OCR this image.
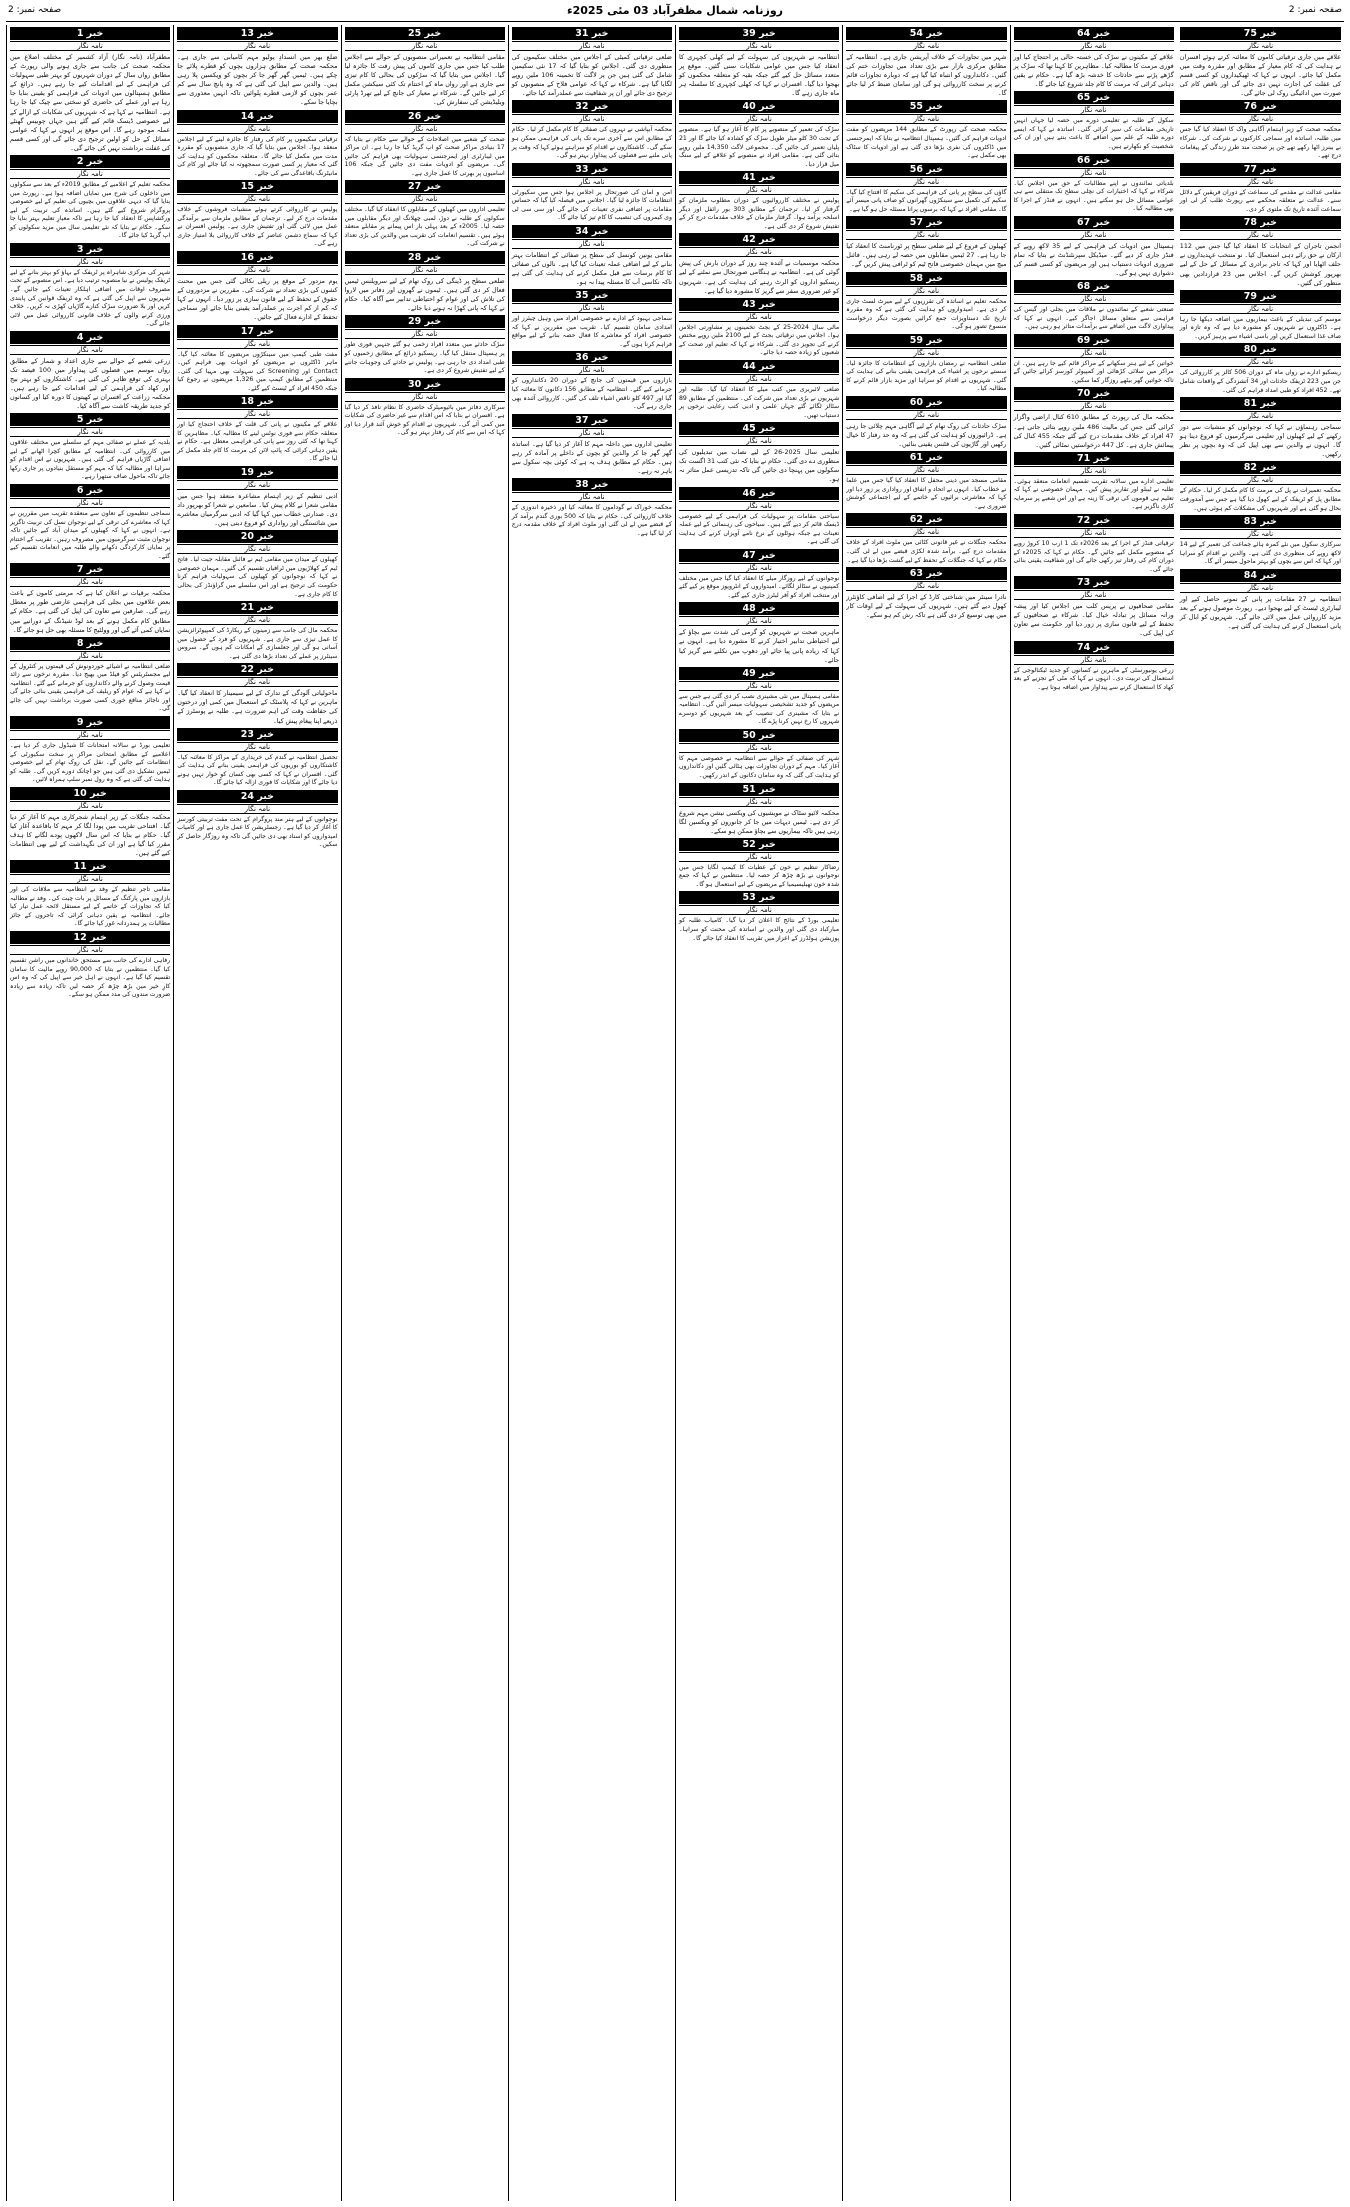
صفحہ نمبر: 2
روزنامہ شمال مظفرآباد 03 مئی 2025ء
صفحہ نمبر: 2
خبر 1
نامہ نگار
مظفرآباد (نامہ نگار) آزاد کشمیر کے مختلف اضلاع میں محکمہ صحت کی جانب سے جاری ہونے والی رپورٹ کے مطابق رواں سال کے دوران شہریوں کو بہتر طبی سہولیات کی فراہمی کے لیے اقدامات کیے جا رہے ہیں۔ ذرائع کے مطابق ہسپتالوں میں ادویات کی فراہمی کو یقینی بنایا جا رہا ہے اور عملے کی حاضری کو سختی سے چیک کیا جا رہا ہے۔ انتظامیہ نے کہا ہے کہ شہریوں کی شکایات کے ازالے کے لیے خصوصی ڈیسک قائم کیے گئے ہیں جہاں چوبیس گھنٹے عملہ موجود رہے گا۔ اس موقع پر انہوں نے کہا کہ عوامی مسائل کے حل کو اولین ترجیح دی جائے گی اور کسی قسم کی غفلت برداشت نہیں کی جائے گی۔
خبر 2
نامہ نگار
محکمہ تعلیم کے اعلامیے کے مطابق 2019ء کے بعد سے سکولوں میں داخلوں کی شرح میں نمایاں اضافہ ہوا ہے۔ رپورٹ میں بتایا گیا کہ دیہی علاقوں میں بچیوں کی تعلیم کے لیے خصوصی پروگرام شروع کیے گئے ہیں۔ اساتذہ کی تربیت کے لیے ورکشاپس کا انعقاد کیا جا رہا ہے تاکہ معیارِ تعلیم بہتر بنایا جا سکے۔ حکام نے بتایا کہ نئے تعلیمی سال میں مزید سکولوں کو اپ گریڈ کیا جائے گا۔
خبر 3
نامہ نگار
شہر کی مرکزی شاہراہ پر ٹریفک کے بہاؤ کو بہتر بنانے کے لیے ٹریفک پولیس نے نیا منصوبہ ترتیب دیا ہے۔ اس منصوبے کے تحت مصروف اوقات میں اضافی اہلکار تعینات کیے جائیں گے۔ شہریوں سے اپیل کی گئی ہے کہ وہ ٹریفک قوانین کی پابندی کریں اور بلا ضرورت سڑک کنارے گاڑیاں کھڑی نہ کریں۔ خلاف ورزی کرنے والوں کے خلاف قانونی کارروائی عمل میں لائی جائے گی۔
خبر 4
نامہ نگار
زرعی شعبے کے حوالے سے جاری اعداد و شمار کے مطابق رواں موسم میں فصلوں کی پیداوار میں 100 فیصد تک بہتری کی توقع ظاہر کی گئی ہے۔ کاشتکاروں کو بہتر بیج اور کھاد کی فراہمی کے لیے اقدامات کیے جا رہے ہیں۔ محکمہ زراعت کے افسران نے کھیتوں کا دورہ کیا اور کسانوں کو جدید طریقہ کاشت سے آگاہ کیا۔
خبر 5
نامہ نگار
بلدیہ کے عملے نے صفائی مہم کے سلسلے میں مختلف علاقوں میں کارروائی کی۔ انتظامیہ کے مطابق کچرا اٹھانے کے لیے اضافی گاڑیاں فراہم کی گئی ہیں۔ شہریوں نے اس اقدام کو سراہا اور مطالبہ کیا کہ مہم کو مستقل بنیادوں پر جاری رکھا جائے تاکہ ماحول صاف ستھرا رہے۔
خبر 6
نامہ نگار
سماجی تنظیموں کے تعاون سے منعقدہ تقریب میں مقررین نے کہا کہ معاشرے کی ترقی کے لیے نوجوان نسل کی تربیت ناگزیر ہے۔ انہوں نے کہا کہ کھیلوں کے میدان آباد کیے جائیں تاکہ نوجوان مثبت سرگرمیوں میں مصروف رہیں۔ تقریب کے اختتام پر نمایاں کارکردگی دکھانے والے طلبہ میں انعامات تقسیم کیے گئے۔
خبر 7
نامہ نگار
محکمہ برقیات نے اعلان کیا ہے کہ مرمتی کاموں کے باعث بعض علاقوں میں بجلی کی فراہمی عارضی طور پر معطل رہے گی۔ صارفین سے تعاون کی اپیل کی گئی ہے۔ حکام کے مطابق کام مکمل ہونے کے بعد لوڈ شیڈنگ کے دورانیے میں نمایاں کمی آئے گی اور وولٹیج کا مسئلہ بھی حل ہو جائے گا۔
خبر 8
نامہ نگار
ضلعی انتظامیہ نے اشیائے خوردونوش کی قیمتوں پر کنٹرول کے لیے مجسٹریٹس کو فیلڈ میں بھیج دیا۔ مقررہ نرخوں سے زائد قیمت وصول کرنے والے دکانداروں کو جرمانے کیے گئے۔ انتظامیہ نے کہا ہے کہ عوام کو ریلیف کی فراہمی یقینی بنائی جائے گی اور ناجائز منافع خوری کسی صورت برداشت نہیں کی جائے گی۔
خبر 9
نامہ نگار
تعلیمی بورڈ نے سالانہ امتحانات کا شیڈول جاری کر دیا ہے۔ اعلامیے کے مطابق امتحانی مراکز پر سخت سکیورٹی کے انتظامات کیے جائیں گے۔ نقل کی روک تھام کے لیے خصوصی ٹیمیں تشکیل دی گئی ہیں جو اچانک دورے کریں گی۔ طلبہ کو ہدایت کی گئی ہے کہ وہ رول نمبر سلپ ہمراہ لائیں۔
خبر 10
نامہ نگار
محکمہ جنگلات کے زیر اہتمام شجرکاری مہم کا آغاز کر دیا گیا۔ افتتاحی تقریب میں پودا لگا کر مہم کا باقاعدہ آغاز کیا گیا۔ حکام نے بتایا کہ اس سال لاکھوں پودے لگانے کا ہدف مقرر کیا گیا ہے اور ان کی نگہداشت کے لیے بھی انتظامات کیے گئے ہیں۔
خبر 11
نامہ نگار
مقامی تاجر تنظیم کے وفد نے انتظامیہ سے ملاقات کی اور بازاروں میں پارکنگ کے مسائل پر بات چیت کی۔ وفد نے مطالبہ کیا کہ تجاوزات کے خاتمے کے لیے مستقل لائحہ عمل تیار کیا جائے۔ انتظامیہ نے یقین دہانی کرائی کہ تاجروں کے جائز مطالبات پر ہمدردانہ غور کیا جائے گا۔
خبر 12
نامہ نگار
رفاہی ادارے کی جانب سے مستحق خاندانوں میں راشن تقسیم کیا گیا۔ منتظمین نے بتایا کہ 90,000 روپے مالیت کا سامان تقسیم کیا گیا ہے۔ انہوں نے اہل خیر سے اپیل کی کہ وہ اس کارِ خیر میں بڑھ چڑھ کر حصہ لیں تاکہ زیادہ سے زیادہ ضرورت مندوں کی مدد ممکن ہو سکے۔
خبر 13
نامہ نگار
ضلع بھر میں انسدادِ پولیو مہم کامیابی سے جاری ہے۔ محکمہ صحت کے مطابق ہزاروں بچوں کو قطرے پلائے جا چکے ہیں۔ ٹیمیں گھر گھر جا کر بچوں کو ویکسین پلا رہی ہیں۔ والدین سے اپیل کی گئی ہے کہ وہ پانچ سال سے کم عمر بچوں کو لازمی قطرے پلوائیں تاکہ انہیں معذوری سے بچایا جا سکے۔
خبر 14
نامہ نگار
ترقیاتی سکیموں پر کام کی رفتار کا جائزہ لینے کے لیے اجلاس منعقد ہوا۔ اجلاس میں بتایا گیا کہ جاری منصوبوں کو مقررہ مدت میں مکمل کیا جائے گا۔ متعلقہ محکموں کو ہدایت کی گئی کہ معیار پر کسی صورت سمجھوتہ نہ کیا جائے اور کام کی مانیٹرنگ باقاعدگی سے کی جائے۔
خبر 15
نامہ نگار
پولیس نے کارروائی کرتے ہوئے منشیات فروشوں کے خلاف مقدمات درج کر لیے۔ ترجمان کے مطابق ملزمان سے برآمدگی عمل میں لائی گئی اور تفتیش جاری ہے۔ پولیس افسران نے کہا کہ سماج دشمن عناصر کے خلاف کارروائی بلا امتیاز جاری رہے گی۔
خبر 16
نامہ نگار
یوم مزدور کے موقع پر ریلی نکالی گئی جس میں محنت کشوں کی بڑی تعداد نے شرکت کی۔ مقررین نے مزدوروں کے حقوق کے تحفظ کے لیے قانون سازی پر زور دیا۔ انہوں نے کہا کہ کم از کم اجرت پر عملدرآمد یقینی بنایا جائے اور سماجی تحفظ کے ادارے فعال کیے جائیں۔
خبر 17
نامہ نگار
مفت طبی کیمپ میں سینکڑوں مریضوں کا معائنہ کیا گیا۔ ماہر ڈاکٹروں نے مریضوں کو ادویات بھی فراہم کیں۔ Contact اور Screening کی سہولت بھی مہیا کی گئی۔ منتظمین کے مطابق کیمپ میں 1,326 مریضوں نے رجوع کیا جبکہ 450 افراد کے ٹیسٹ کیے گئے۔
خبر 18
نامہ نگار
علاقے کے مکینوں نے پانی کی قلت کے خلاف احتجاج کیا اور متعلقہ حکام سے فوری نوٹس لینے کا مطالبہ کیا۔ مظاہرین کا کہنا تھا کہ کئی روز سے پانی کی فراہمی معطل ہے۔ حکام نے یقین دہانی کرائی کہ پائپ لائن کی مرمت کا کام جلد مکمل کر لیا جائے گا۔
خبر 19
نامہ نگار
ادبی تنظیم کے زیر اہتمام مشاعرہ منعقد ہوا جس میں مقامی شعرا نے کلام پیش کیا۔ سامعین نے شعرا کو بھرپور داد دی۔ صدارتی خطاب میں کہا گیا کہ ادبی سرگرمیاں معاشرے میں شائستگی اور رواداری کو فروغ دیتی ہیں۔
خبر 20
نامہ نگار
کھیلوں کے میدان میں مقامی ٹیم نے فائنل مقابلہ جیت لیا۔ فاتح ٹیم کے کھلاڑیوں میں ٹرافیاں تقسیم کی گئیں۔ مہمان خصوصی نے کہا کہ نوجوانوں کو کھیلوں کی سہولیات فراہم کرنا حکومت کی ترجیح ہے اور اس سلسلے میں گراؤنڈز کی بحالی کا کام جاری ہے۔
خبر 21
نامہ نگار
محکمہ مال کی جانب سے زمینوں کے ریکارڈ کی کمپیوٹرائزیشن کا عمل تیزی سے جاری ہے۔ شہریوں کو فرد کے حصول میں آسانی ہو گی اور جعلسازی کے امکانات کم ہوں گے۔ سروس سینٹرز پر عملے کی تعداد بڑھا دی گئی ہے۔
خبر 22
نامہ نگار
ماحولیاتی آلودگی کے تدارک کے لیے سیمینار کا انعقاد کیا گیا۔ ماہرین نے کہا کہ پلاسٹک کے استعمال میں کمی اور درختوں کی حفاظت وقت کی اہم ضرورت ہے۔ طلبہ نے پوسٹرز کے ذریعے اپنا پیغام پیش کیا۔
خبر 23
نامہ نگار
تحصیل انتظامیہ نے گندم کی خریداری کے مراکز کا معائنہ کیا۔ کاشتکاروں کو بوریوں کی فراہمی یقینی بنانے کی ہدایت کی گئی۔ افسران نے کہا کہ کسی بھی کسان کو خوار نہیں ہونے دیا جائے گا اور شکایات کا فوری ازالہ کیا جائے گا۔
خبر 24
نامہ نگار
نوجوانوں کے لیے ہنر مند پروگرام کے تحت مفت تربیتی کورسز کا آغاز کر دیا گیا ہے۔ رجسٹریشن کا عمل جاری ہے اور کامیاب امیدواروں کو اسناد بھی دی جائیں گی تاکہ وہ روزگار حاصل کر سکیں۔
خبر 25
نامہ نگار
مقامی انتظامیہ نے تعمیراتی منصوبوں کے حوالے سے اجلاس طلب کیا جس میں جاری کاموں کی پیش رفت کا جائزہ لیا گیا۔ اجلاس میں بتایا گیا کہ سڑکوں کی بحالی کا کام تیزی سے جاری ہے اور رواں ماہ کے اختتام تک کئی سیکشن مکمل کر لیے جائیں گے۔ شرکاء نے معیار کی جانچ کے لیے تھرڈ پارٹی ویلیڈیشن کی سفارش کی۔
خبر 26
نامہ نگار
صحت کے شعبے میں اصلاحات کے حوالے سے حکام نے بتایا کہ 17 بنیادی مراکز صحت کو اپ گریڈ کیا جا رہا ہے۔ ان مراکز میں لیبارٹری اور ایمرجنسی سہولیات بھی فراہم کی جائیں گی۔ مریضوں کو ادویات مفت دی جائیں گی جبکہ 106 اسامیوں پر بھرتی کا عمل جاری ہے۔
خبر 27
نامہ نگار
تعلیمی اداروں میں کھیلوں کے مقابلوں کا انعقاد کیا گیا۔ مختلف سکولوں کے طلبہ نے دوڑ، لمبی چھلانگ اور دیگر مقابلوں میں حصہ لیا۔ 2005ء کے بعد پہلی بار اس پیمانے پر مقابلے منعقد ہوئے ہیں۔ تقسیم انعامات کی تقریب میں والدین کی بڑی تعداد نے شرکت کی۔
خبر 28
نامہ نگار
ضلعی سطح پر ڈینگی کی روک تھام کے لیے سرویلنس ٹیمیں فعال کر دی گئی ہیں۔ ٹیموں نے گھروں اور دفاتر میں لاروا کی تلاش کی اور عوام کو احتیاطی تدابیر سے آگاہ کیا۔ حکام نے کہا کہ پانی کھڑا نہ ہونے دیا جائے۔
خبر 29
نامہ نگار
سڑک حادثے میں متعدد افراد زخمی ہو گئے جنہیں فوری طور پر ہسپتال منتقل کیا گیا۔ ریسکیو ذرائع کے مطابق زخمیوں کو طبی امداد دی جا رہی ہے۔ پولیس نے حادثے کی وجوہات جاننے کے لیے تفتیش شروع کر دی ہے۔
خبر 30
نامہ نگار
سرکاری دفاتر میں بائیومیٹرک حاضری کا نظام نافذ کر دیا گیا ہے۔ افسران نے بتایا کہ اس اقدام سے غیر حاضری کی شکایات میں کمی آئے گی۔ شہریوں نے اقدام کو خوش آئند قرار دیا اور کہا کہ اس سے کام کی رفتار بہتر ہو گی۔
خبر 31
نامہ نگار
ضلعی ترقیاتی کمیٹی کے اجلاس میں مختلف سکیموں کی منظوری دی گئی۔ اجلاس کو بتایا گیا کہ 17 نئی سکیمیں شامل کی گئی ہیں جن پر لاگت کا تخمینہ 106 ملین روپے لگایا گیا ہے۔ شرکاء نے کہا کہ عوامی فلاح کے منصوبوں کو ترجیح دی جائے اور ان پر شفافیت سے عملدرآمد کیا جائے۔
خبر 32
نامہ نگار
محکمہ آبپاشی نے نہروں کی صفائی کا کام مکمل کر لیا۔ حکام کے مطابق اس سے آخری سرے تک پانی کی فراہمی ممکن ہو سکے گی۔ کاشتکاروں نے اقدام کو سراہتے ہوئے کہا کہ وقت پر پانی ملنے سے فصلوں کی پیداوار بہتر ہو گی۔
خبر 33
نامہ نگار
امن و امان کی صورتحال پر اجلاس ہوا جس میں سکیورٹی انتظامات کا جائزہ لیا گیا۔ اجلاس میں فیصلہ کیا گیا کہ حساس مقامات پر اضافی نفری تعینات کی جائے گی اور سی سی ٹی وی کیمروں کی تنصیب کا کام تیز کیا جائے گا۔
خبر 34
نامہ نگار
مقامی یونین کونسل کی سطح پر صفائی کے انتظامات بہتر بنانے کے لیے اضافی عملہ تعینات کیا گیا ہے۔ نالوں کی صفائی کا کام برسات سے قبل مکمل کرنے کی ہدایت کی گئی ہے تاکہ نکاسی آب کا مسئلہ پیدا نہ ہو۔
خبر 35
نامہ نگار
سماجی بہبود کے ادارے نے خصوصی افراد میں وہیل چیئرز اور امدادی سامان تقسیم کیا۔ تقریب میں مقررین نے کہا کہ خصوصی افراد کو معاشرے کا فعال حصہ بنانے کے لیے مواقع فراہم کرنا ہوں گے۔
خبر 36
نامہ نگار
بازاروں میں قیمتوں کی جانچ کے دوران 20 دکانداروں کو جرمانے کیے گئے۔ انتظامیہ کے مطابق 156 دکانوں کا معائنہ کیا گیا اور 497 کلو ناقص اشیاء تلف کی گئیں۔ کارروائی آئندہ بھی جاری رہے گی۔
خبر 37
نامہ نگار
تعلیمی اداروں میں داخلہ مہم کا آغاز کر دیا گیا ہے۔ اساتذہ گھر گھر جا کر والدین کو بچوں کے داخلے پر آمادہ کر رہے ہیں۔ حکام کے مطابق ہدف یہ ہے کہ کوئی بچہ سکول سے باہر نہ رہے۔
خبر 38
نامہ نگار
محکمہ خوراک نے گوداموں کا معائنہ کیا اور ذخیرہ اندوزی کے خلاف کارروائی کی۔ حکام نے بتایا کہ 500 بوری گندم برآمد کر کے قبضے میں لے لی گئی اور ملوث افراد کے خلاف مقدمہ درج کر لیا گیا ہے۔
خبر 39
نامہ نگار
انتظامیہ نے شہریوں کی سہولت کے لیے کھلی کچہری کا انعقاد کیا جس میں عوامی شکایات سنی گئیں۔ موقع پر متعدد مسائل حل کیے گئے جبکہ بقیہ کو متعلقہ محکموں کو بھجوا دیا گیا۔ افسران نے کہا کہ کھلی کچہری کا سلسلہ ہر ماہ جاری رہے گا۔
خبر 40
نامہ نگار
سڑک کی تعمیر کے منصوبے پر کام کا آغاز ہو گیا ہے۔ منصوبے کے تحت 30 کلو میٹر طویل سڑک کو کشادہ کیا جائے گا اور 21 پلیاں تعمیر کی جائیں گی۔ مجموعی لاگت 14,350 ملین روپے بتائی گئی ہے۔ مقامی افراد نے منصوبے کو علاقے کے لیے سنگ میل قرار دیا۔
خبر 41
نامہ نگار
پولیس نے مختلف کارروائیوں کے دوران مطلوب ملزمان کو گرفتار کر لیا۔ ترجمان کے مطابق 303 بور رائفل اور دیگر اسلحہ برآمد ہوا۔ گرفتار ملزمان کے خلاف مقدمات درج کر کے تفتیش شروع کر دی گئی ہے۔
خبر 42
نامہ نگار
محکمہ موسمیات نے آئندہ چند روز کے دوران بارش کی پیش گوئی کی ہے۔ انتظامیہ نے ہنگامی صورتحال سے نمٹنے کے لیے ریسکیو اداروں کو الرٹ رہنے کی ہدایت کی ہے۔ شہریوں کو غیر ضروری سفر سے گریز کا مشورہ دیا گیا ہے۔
خبر 43
نامہ نگار
مالی سال 2024-25 کے بجٹ تخمینوں پر مشاورتی اجلاس ہوا۔ اجلاس میں ترقیاتی بجٹ کے لیے 2100 ملین روپے مختص کرنے کی تجویز دی گئی۔ شرکاء نے کہا کہ تعلیم اور صحت کے شعبوں کو زیادہ حصہ دیا جائے۔
خبر 44
نامہ نگار
ضلعی لائبریری میں کتب میلے کا انعقاد کیا گیا۔ طلبہ اور شہریوں نے بڑی تعداد میں شرکت کی۔ منتظمین کے مطابق 89 سٹالز لگائے گئے جہاں علمی و ادبی کتب رعایتی نرخوں پر دستیاب تھیں۔
خبر 45
نامہ نگار
تعلیمی سال 2025-26 کے لیے نصاب میں تبدیلیوں کی منظوری دے دی گئی۔ حکام نے بتایا کہ نئی کتب 31 اگست تک سکولوں میں پہنچا دی جائیں گی تاکہ تدریسی عمل متاثر نہ ہو۔
خبر 46
نامہ نگار
سیاحتی مقامات پر سہولیات کی فراہمی کے لیے خصوصی ڈیسک قائم کر دیے گئے ہیں۔ سیاحوں کی رہنمائی کے لیے عملہ تعینات ہے جبکہ ہوٹلوں کے نرخ نامے آویزاں کرنے کی ہدایت کی گئی ہے۔
خبر 47
نامہ نگار
نوجوانوں کے لیے روزگار میلے کا انعقاد کیا گیا جس میں مختلف کمپنیوں نے سٹالز لگائے۔ امیدواروں کے انٹرویوز موقع پر کیے گئے اور منتخب افراد کو آفر لیٹرز جاری کیے گئے۔
خبر 48
نامہ نگار
ماہرین صحت نے شہریوں کو گرمی کی شدت سے بچاؤ کے لیے احتیاطی تدابیر اختیار کرنے کا مشورہ دیا ہے۔ انہوں نے کہا کہ زیادہ پانی پیا جائے اور دھوپ میں نکلنے سے گریز کیا جائے۔
خبر 49
نامہ نگار
مقامی ہسپتال میں نئی مشینری نصب کر دی گئی ہے جس سے مریضوں کو جدید تشخیصی سہولیات میسر آئیں گی۔ انتظامیہ نے بتایا کہ مشینری کی تنصیب کے بعد شہریوں کو دوسرے شہروں کا رخ نہیں کرنا پڑے گا۔
خبر 50
نامہ نگار
شہر کی صفائی کے حوالے سے انتظامیہ نے خصوصی مہم کا آغاز کیا۔ مہم کے دوران تجاوزات بھی ہٹائی گئیں اور دکانداروں کو ہدایت کی گئی کہ وہ سامان دکانوں کے اندر رکھیں۔
خبر 51
نامہ نگار
محکمہ لائیو سٹاک نے مویشیوں کی ویکسی نیشن مہم شروع کر دی ہے۔ ٹیمیں دیہات میں جا کر جانوروں کو ویکسین لگا رہی ہیں تاکہ بیماریوں سے بچاؤ ممکن ہو سکے۔
خبر 52
نامہ نگار
رضاکار تنظیم نے خون کے عطیات کا کیمپ لگایا جس میں نوجوانوں نے بڑھ چڑھ کر حصہ لیا۔ منتظمین نے کہا کہ جمع شدہ خون تھیلیسیمیا کے مریضوں کے لیے استعمال ہو گا۔
خبر 53
نامہ نگار
تعلیمی بورڈ کے نتائج کا اعلان کر دیا گیا۔ کامیاب طلبہ کو مبارکباد دی گئی اور والدین نے اساتذہ کی محنت کو سراہا۔ پوزیشن ہولڈرز کے اعزاز میں تقریب کا انعقاد کیا جائے گا۔
خبر 54
نامہ نگار
شہر میں تجاوزات کے خلاف آپریشن جاری ہے۔ انتظامیہ کے مطابق مرکزی بازار سے بڑی تعداد میں تجاوزات ختم کی گئیں۔ دکانداروں کو انتباہ کیا گیا ہے کہ دوبارہ تجاوزات قائم کرنے پر سخت کارروائی ہو گی اور سامان ضبط کر لیا جائے گا۔
خبر 55
نامہ نگار
محکمہ صحت کی رپورٹ کے مطابق 144 مریضوں کو مفت ادویات فراہم کی گئیں۔ ہسپتال انتظامیہ نے بتایا کہ ایمرجنسی میں ڈاکٹروں کی نفری بڑھا دی گئی ہے اور ادویات کا سٹاک بھی مکمل ہے۔
خبر 56
نامہ نگار
گاؤں کی سطح پر پانی کی فراہمی کی سکیم کا افتتاح کیا گیا۔ سکیم کی تکمیل سے سینکڑوں گھرانوں کو صاف پانی میسر آئے گا۔ مقامی افراد نے کہا کہ برسوں پرانا مسئلہ حل ہو گیا ہے۔
خبر 57
نامہ نگار
کھیلوں کے فروغ کے لیے ضلعی سطح پر ٹورنامنٹ کا انعقاد کیا جا رہا ہے۔ 27 ٹیمیں مقابلوں میں حصہ لے رہی ہیں۔ فائنل میچ میں مہمان خصوصی فاتح ٹیم کو ٹرافی پیش کریں گے۔
خبر 58
نامہ نگار
محکمہ تعلیم نے اساتذہ کی تقرریوں کے لیے میرٹ لسٹ جاری کر دی ہے۔ امیدواروں کو ہدایت کی گئی ہے کہ وہ مقررہ تاریخ تک دستاویزات جمع کرائیں بصورت دیگر درخواست منسوخ تصور ہو گی۔
خبر 59
نامہ نگار
ضلعی انتظامیہ نے رمضان بازاروں کے انتظامات کا جائزہ لیا۔ سستے نرخوں پر اشیاء کی فراہمی یقینی بنانے کی ہدایت کی گئی۔ شہریوں نے اقدام کو سراہا اور مزید بازار قائم کرنے کا مطالبہ کیا۔
خبر 60
نامہ نگار
سڑک حادثات کی روک تھام کے لیے آگاہی مہم چلائی جا رہی ہے۔ ڈرائیوروں کو ہدایت کی گئی ہے کہ وہ حد رفتار کا خیال رکھیں اور گاڑیوں کی فٹنس یقینی بنائیں۔
خبر 61
نامہ نگار
مقامی مسجد میں دینی محفل کا انعقاد کیا گیا جس میں علما نے خطاب کیا۔ انہوں نے اتحاد و اتفاق اور رواداری پر زور دیا اور کہا کہ معاشرتی برائیوں کے خاتمے کے لیے اجتماعی کوشش ضروری ہے۔
خبر 62
نامہ نگار
محکمہ جنگلات نے غیر قانونی کٹائی میں ملوث افراد کے خلاف مقدمات درج کیے۔ برآمد شدہ لکڑی قبضے میں لے لی گئی۔ حکام نے کہا کہ جنگلات کے تحفظ کے لیے گشت بڑھا دیا گیا ہے۔
خبر 63
نامہ نگار
نادرا سینٹر میں شناختی کارڈ کے اجرا کے لیے اضافی کاؤنٹرز کھول دیے گئے ہیں۔ شہریوں کی سہولت کے لیے اوقات کار میں بھی توسیع کر دی گئی ہے تاکہ رش کم ہو سکے۔
خبر 64
نامہ نگار
علاقے کے مکینوں نے سڑک کی خستہ حالی پر احتجاج کیا اور فوری مرمت کا مطالبہ کیا۔ مظاہرین کا کہنا تھا کہ سڑک پر گڑھے پڑنے سے حادثات کا خدشہ بڑھ گیا ہے۔ حکام نے یقین دہانی کرائی کہ مرمت کا کام جلد شروع کیا جائے گا۔
خبر 65
نامہ نگار
سکول کے طلبہ نے تعلیمی دورے میں حصہ لیا جہاں انہیں تاریخی مقامات کی سیر کرائی گئی۔ اساتذہ نے کہا کہ ایسے دورے طلبہ کے علم میں اضافے کا باعث بنتے ہیں اور ان کی شخصیت کو نکھارتے ہیں۔
خبر 66
نامہ نگار
بلدیاتی نمائندوں نے اپنے مطالبات کے حق میں اجلاس کیا۔ شرکاء نے کہا کہ اختیارات کی نچلی سطح تک منتقلی سے ہی عوامی مسائل حل ہو سکتے ہیں۔ انہوں نے فنڈز کے اجرا کا بھی مطالبہ کیا۔
خبر 67
نامہ نگار
ہسپتال میں ادویات کی فراہمی کے لیے 35 لاکھ روپے کے فنڈز جاری کر دیے گئے۔ میڈیکل سپرنٹنڈنٹ نے بتایا کہ تمام ضروری ادویات دستیاب ہیں اور مریضوں کو کسی قسم کی دشواری نہیں ہو گی۔
خبر 68
نامہ نگار
صنعتی شعبے کے نمائندوں نے ملاقات میں بجلی اور گیس کی فراہمی سے متعلق مسائل اجاگر کیے۔ انہوں نے کہا کہ پیداواری لاگت میں اضافے سے برآمدات متاثر ہو رہی ہیں۔
خبر 69
نامہ نگار
خواتین کے لیے ہنر سکھانے کے مراکز قائم کیے جا رہے ہیں۔ ان مراکز میں سلائی کڑھائی اور کمپیوٹر کورسز کرائے جائیں گے تاکہ خواتین گھر بیٹھے روزگار کما سکیں۔
خبر 70
نامہ نگار
محکمہ مال کی رپورٹ کے مطابق 610 کنال اراضی واگزار کرائی گئی جس کی مالیت 486 ملین روپے بتائی جاتی ہے۔ 47 افراد کے خلاف مقدمات درج کیے گئے جبکہ 455 کنال کی پیمائش جاری ہے۔ کل 447 درخواستیں نمٹائی گئیں۔
خبر 71
نامہ نگار
تعلیمی ادارے میں سالانہ تقریب تقسیم انعامات منعقد ہوئی۔ طلبہ نے ٹیبلو اور تقاریر پیش کیں۔ مہمان خصوصی نے کہا کہ تعلیم ہی قوموں کی ترقی کا زینہ ہے اور اس شعبے پر سرمایہ کاری ناگزیر ہے۔
خبر 72
نامہ نگار
ترقیاتی فنڈز کے اجرا کے بعد 2026ء تک 1 ارب 10 کروڑ روپے کے منصوبے مکمل کیے جائیں گے۔ حکام نے کہا کہ 2025ء کے دوران کام کی رفتار تیز رکھی جائے گی اور شفافیت یقینی بنائی جائے گی۔
خبر 73
نامہ نگار
مقامی صحافیوں نے پریس کلب میں اجلاس کیا اور پیشہ ورانہ مسائل پر تبادلہ خیال کیا۔ شرکاء نے صحافیوں کے تحفظ کے لیے قانون سازی پر زور دیا اور حکومت سے تعاون کی اپیل کی۔
خبر 74
نامہ نگار
زرعی یونیورسٹی کے ماہرین نے کسانوں کو جدید ٹیکنالوجی کے استعمال کی تربیت دی۔ انہوں نے کہا کہ مٹی کے تجزیے کے بعد کھاد کا استعمال کرنے سے پیداوار میں اضافہ ہوتا ہے۔
خبر 75
نامہ نگار
علاقے میں جاری ترقیاتی کاموں کا معائنہ کرتے ہوئے افسران نے ہدایت کی کہ کام معیار کے مطابق اور مقررہ وقت میں مکمل کیا جائے۔ انہوں نے کہا کہ ٹھیکیداروں کو کسی قسم کی غفلت کی اجازت نہیں دی جائے گی اور ناقص کام کی صورت میں ادائیگی روک لی جائے گی۔
خبر 76
نامہ نگار
محکمہ صحت کے زیر اہتمام آگاہی واک کا انعقاد کیا گیا جس میں طلبہ، اساتذہ اور سماجی کارکنوں نے شرکت کی۔ شرکاء نے بینرز اٹھا رکھے تھے جن پر صحت مند طرزِ زندگی کے پیغامات درج تھے۔
خبر 77
نامہ نگار
مقامی عدالت نے مقدمے کی سماعت کے دوران فریقین کے دلائل سنے۔ عدالت نے متعلقہ محکمے سے رپورٹ طلب کر لی اور سماعت آئندہ تاریخ تک ملتوی کر دی۔
خبر 78
نامہ نگار
انجمن تاجران کے انتخابات کا انعقاد کیا گیا جس میں 112 ارکان نے حق رائے دہی استعمال کیا۔ نو منتخب عہدیداروں نے حلف اٹھایا اور کہا کہ تاجر برادری کے مسائل کے حل کے لیے بھرپور کوشش کریں گے۔ اجلاس میں 23 قراردادیں بھی منظور کی گئیں۔
خبر 79
نامہ نگار
موسم کی تبدیلی کے باعث بیماریوں میں اضافہ دیکھا جا رہا ہے۔ ڈاکٹروں نے شہریوں کو مشورہ دیا ہے کہ وہ تازہ اور صاف غذا استعمال کریں اور باسی اشیاء سے پرہیز کریں۔
خبر 80
نامہ نگار
ریسکیو ادارے نے رواں ماہ کے دوران 506 کالز پر کارروائی کی جن میں 223 ٹریفک حادثات اور 34 آتشزدگی کے واقعات شامل تھے۔ 452 افراد کو طبی امداد فراہم کی گئی۔
خبر 81
نامہ نگار
سماجی رہنماؤں نے کہا کہ نوجوانوں کو منشیات سے دور رکھنے کے لیے کھیلوں اور تعلیمی سرگرمیوں کو فروغ دینا ہو گا۔ انہوں نے والدین سے بھی اپیل کی کہ وہ بچوں پر نظر رکھیں۔
خبر 82
نامہ نگار
محکمہ تعمیرات نے پل کی مرمت کا کام مکمل کر لیا۔ حکام کے مطابق پل کو ٹریفک کے لیے کھول دیا گیا ہے جس سے آمدورفت بحال ہو گئی ہے اور شہریوں کی مشکلات کم ہوئی ہیں۔
خبر 83
نامہ نگار
سرکاری سکول میں نئے کمرہ ہائے جماعت کی تعمیر کے لیے 14 لاکھ روپے کی منظوری دی گئی ہے۔ والدین نے اقدام کو سراہا اور کہا کہ اس سے بچوں کو بہتر ماحول میسر آئے گا۔
خبر 84
نامہ نگار
انتظامیہ نے 27 مقامات پر پانی کے نمونے حاصل کیے اور لیبارٹری ٹیسٹ کے لیے بھجوا دیے۔ رپورٹ موصول ہونے کے بعد مزید کارروائی عمل میں لائی جائے گی۔ شہریوں کو ابال کر پانی استعمال کرنے کی ہدایت کی گئی ہے۔
